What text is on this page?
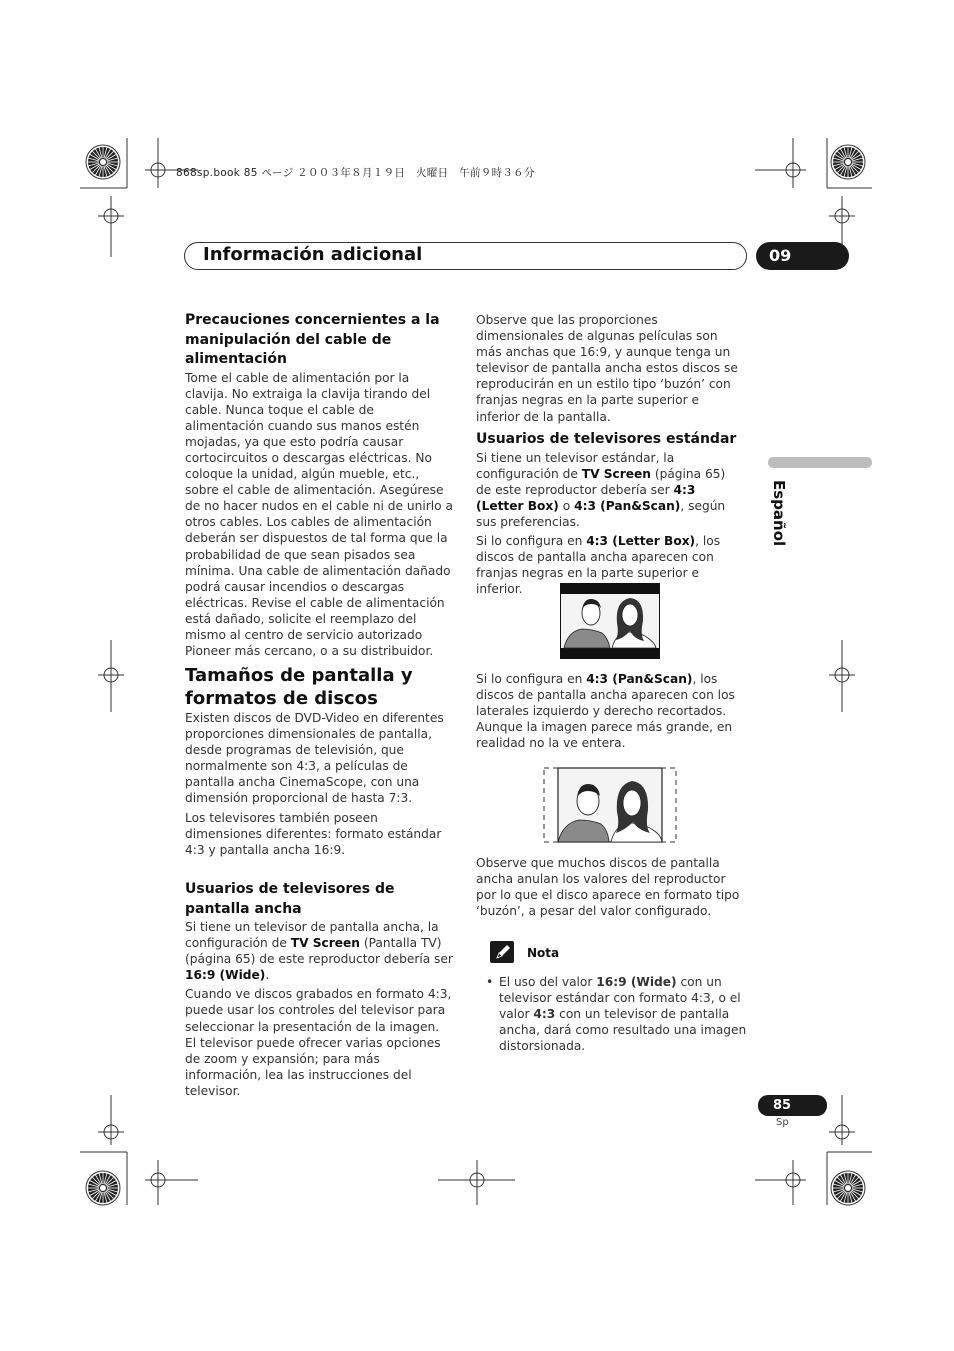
868sp.book 85 ページ ２００３年８月１９日　火曜日　午前９時３６分
Información adicional	09
Español

Precauciones concernientes a la manipulación del cable de alimentación

Tome el cable de alimentación por la clavija. No extraiga la clavija tirando del cable. Nunca toque el cable de alimentación cuando sus manos estén mojadas, ya que esto podría causar cortocircuitos o descargas eléctricas. No coloque la unidad, algún mueble, etc., sobre el cable de alimentación. Asegúrese de no hacer nudos en el cable ni de unirlo a otros cables. Los cables de alimentación deberán ser dispuestos de tal forma que la probabilidad de que sean pisados sea mínima. Una cable de alimentación dañado podrá causar incendios o descargas eléctricas. Revise el cable de alimentación está dañado, solicite el reemplazo del mismo al centro de servicio autorizado Pioneer más cercano, o a su distribuidor.

Tamaños de pantalla y formatos de discos

Existen discos de DVD-Video en diferentes proporciones dimensionales de pantalla, desde programas de televisión, que normalmente son 4:3, a películas de pantalla ancha CinemaScope, con una dimensión proporcional de hasta 7:3.

Los televisores también poseen dimensiones diferentes: formato estándar 4:3 y pantalla ancha 16:9.

Usuarios de televisores de pantalla ancha

Si tiene un televisor de pantalla ancha, la configuración de TV Screen (Pantalla TV) (página 65) de este reproductor debería ser 16:9 (Wide).

Cuando ve discos grabados en formato 4:3, puede usar los controles del televisor para seleccionar la presentación de la imagen. El televisor puede ofrecer varias opciones de zoom y expansión; para más información, lea las instrucciones del televisor.

Observe que las proporciones dimensionales de algunas películas son más anchas que 16:9, y aunque tenga un televisor de pantalla ancha estos discos se reproducirán en un estilo tipo ‘buzón’ con franjas negras en la parte superior e inferior de la pantalla.

Usuarios de televisores estándar

Si tiene un televisor estándar, la configuración de TV Screen (página 65) de este reproductor debería ser 4:3 (Letter Box) o 4:3 (Pan&Scan), según sus preferencias.

Si lo configura en 4:3 (Letter Box), los discos de pantalla ancha aparecen con franjas negras en la parte superior e inferior.

Si lo configura en 4:3 (Pan&Scan), los discos de pantalla ancha aparecen con los laterales izquierdo y derecho recortados. Aunque la imagen parece más grande, en realidad no la ve entera.

Observe que muchos discos de pantalla ancha anulan los valores del reproductor por lo que el disco aparece en formato tipo ‘buzón’, a pesar del valor configurado.

Nota
• El uso del valor 16:9 (Wide) con un televisor estándar con formato 4:3, o el valor 4:3 con un televisor de pantalla ancha, dará como resultado una imagen distorsionada.
85
Sp
